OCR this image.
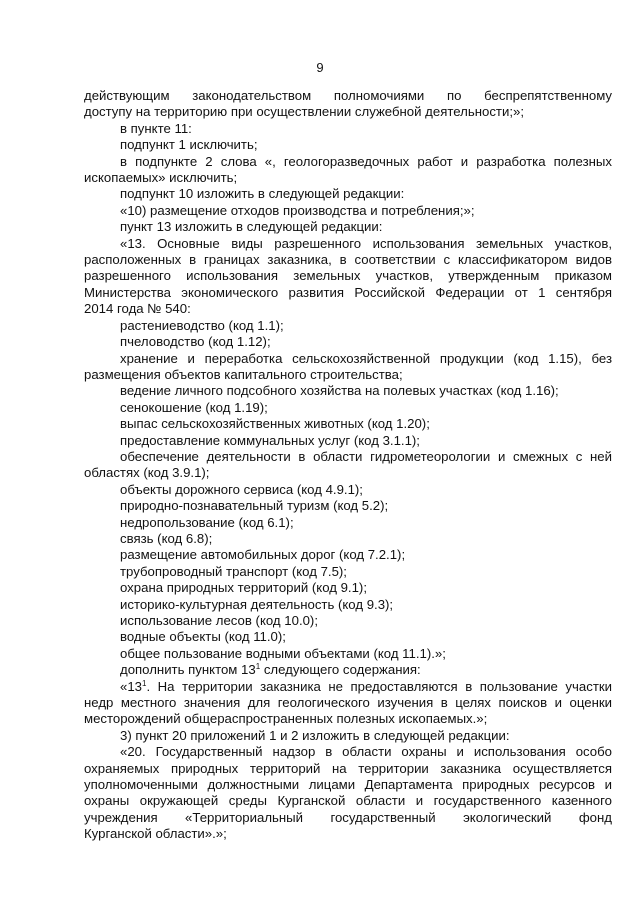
9

действующим законодательством полномочиями по беспрепятственному

доступу на территорию при осуществлении служебной деятельности;»;

в пункте 11:

подпункт 1 исключить;

в подпункте 2 слова «, геологоразведочных работ и разработка полезных

ископаемых» исключить;

подпункт 10 изложить в следующей редакции:

«10) размещение отходов производства и потребления;»;

пункт 13 изложить в следующей редакции:

«13. Основные виды разрешенного использования земельных участков,

расположенных в границах заказника, в соответствии с классификатором видов

разрешенного использования земельных участков, утвержденным приказом

Министерства экономического развития Российской Федерации от 1 сентября

2014 года № 540:

растениеводство (код 1.1);

пчеловодство (код 1.12);

хранение и переработка сельскохозяйственной продукции (код 1.15), без

размещения объектов капитального строительства;

ведение личного подсобного хозяйства на полевых участках (код 1.16);

сенокошение (код 1.19);

выпас сельскохозяйственных животных (код 1.20);

предоставление коммунальных услуг (код 3.1.1);

обеспечение деятельности в области гидрометеорологии и смежных с ней

областях (код 3.9.1);

объекты дорожного сервиса (код 4.9.1);

природно-познавательный туризм (код 5.2);

недропользование (код 6.1);

связь (код 6.8);

размещение автомобильных дорог (код 7.2.1);

трубопроводный транспорт (код 7.5);

охрана природных территорий (код 9.1);

историко-культурная деятельность (код 9.3);

использование лесов (код 10.0);

водные объекты (код 11.0);

общее пользование водными объектами (код 11.1).»;

дополнить пунктом $13^1$ следующего содержания:

«$13^1$. На территории заказника не предоставляются в пользование участки

недр местного значения для геологического изучения в целях поисков и оценки

месторождений общераспространенных полезных ископаемых.»;

3) пункт 20 приложений 1 и 2 изложить в следующей редакции:

«20. Государственный надзор в области охраны и использования особо

охраняемых природных территорий на территории заказника осуществляется

уполномоченными должностными лицами Департамента природных ресурсов и

охраны окружающей среды Курганской области и государственного казенного

учреждения «Территориальный государственный экологический фонд

Курганской области».»;
